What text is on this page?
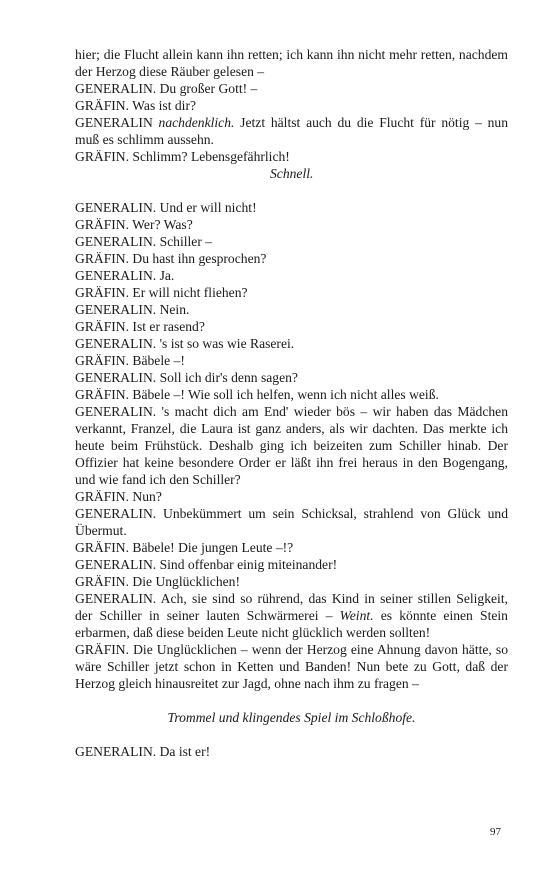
hier; die Flucht allein kann ihn retten; ich kann ihn nicht mehr retten, nachdem der Herzog diese Räuber gelesen –

GENERALIN. Du großer Gott! –

GRÄFIN. Was ist dir?

GENERALIN nachdenklich. Jetzt hältst auch du die Flucht für nötig – nun muß es schlimm aussehn.

GRÄFIN. Schlimm? Lebensgefährlich!

Schnell.

GENERALIN. Und er will nicht!

GRÄFIN. Wer? Was?

GENERALIN. Schiller –

GRÄFIN. Du hast ihn gesprochen?

GENERALIN. Ja.

GRÄFIN. Er will nicht fliehen?

GENERALIN. Nein.

GRÄFIN. Ist er rasend?

GENERALIN. 's ist so was wie Raserei.

GRÄFIN. Bäbele –!

GENERALIN. Soll ich dir's denn sagen?

GRÄFIN. Bäbele –! Wie soll ich helfen, wenn ich nicht alles weiß.

GENERALIN. 's macht dich am End' wieder bös – wir haben das Mädchen verkannt, Franzel, die Laura ist ganz anders, als wir dachten. Das merkte ich heute beim Frühstück. Deshalb ging ich beizeiten zum Schiller hinab. Der Offizier hat keine besondere Order er läßt ihn frei heraus in den Bogengang, und wie fand ich den Schiller?

GRÄFIN. Nun?

GENERALIN. Unbekümmert um sein Schicksal, strahlend von Glück und Übermut.

GRÄFIN. Bäbele! Die jungen Leute –!?

GENERALIN. Sind offenbar einig miteinander!

GRÄFIN. Die Unglücklichen!

GENERALIN. Ach, sie sind so rührend, das Kind in seiner stillen Seligkeit, der Schiller in seiner lauten Schwärmerei – Weint. es könnte einen Stein erbarmen, daß diese beiden Leute nicht glücklich werden sollten!

GRÄFIN. Die Unglücklichen – wenn der Herzog eine Ahnung davon hätte, so wäre Schiller jetzt schon in Ketten und Banden! Nun bete zu Gott, daß der Herzog gleich hinausreitet zur Jagd, ohne nach ihm zu fragen –

Trommel und klingendes Spiel im Schloßhofe.

GENERALIN. Da ist er!

97
